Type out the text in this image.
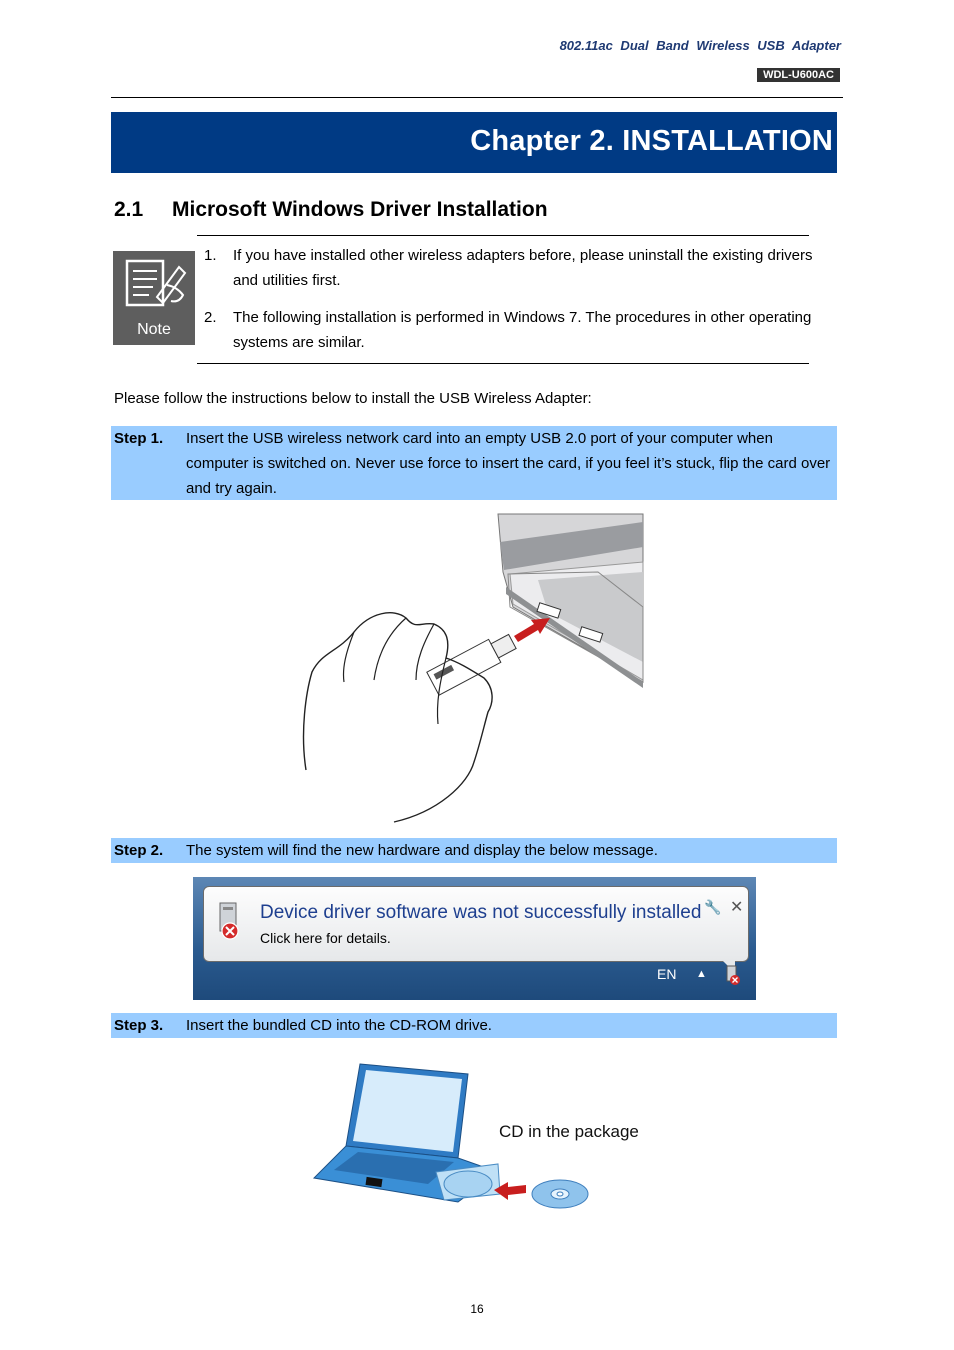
802.11ac Dual Band Wireless USB Adapter
WDL-U600AC
Chapter 2. INSTALLATION
2.1 Microsoft Windows Driver Installation
Note
1.	If you have installed other wireless adapters before, please uninstall the existing drivers and utilities first.
2.	The following installation is performed in Windows 7. The procedures in other operating systems are similar.
Please follow the instructions below to install the USB Wireless Adapter:
Step 1. Insert the USB wireless network card into an empty USB 2.0 port of your computer when computer is switched on. Never use force to insert the card, if you feel it’s stuck, flip the card over and try again.
Step 2. The system will find the new hardware and display the below message.
Device driver software was not successfully installed
Click here for details.
🔧 ✕
EN ▲
Step 3. Insert the bundled CD into the CD-ROM drive.
CD in the package
16
